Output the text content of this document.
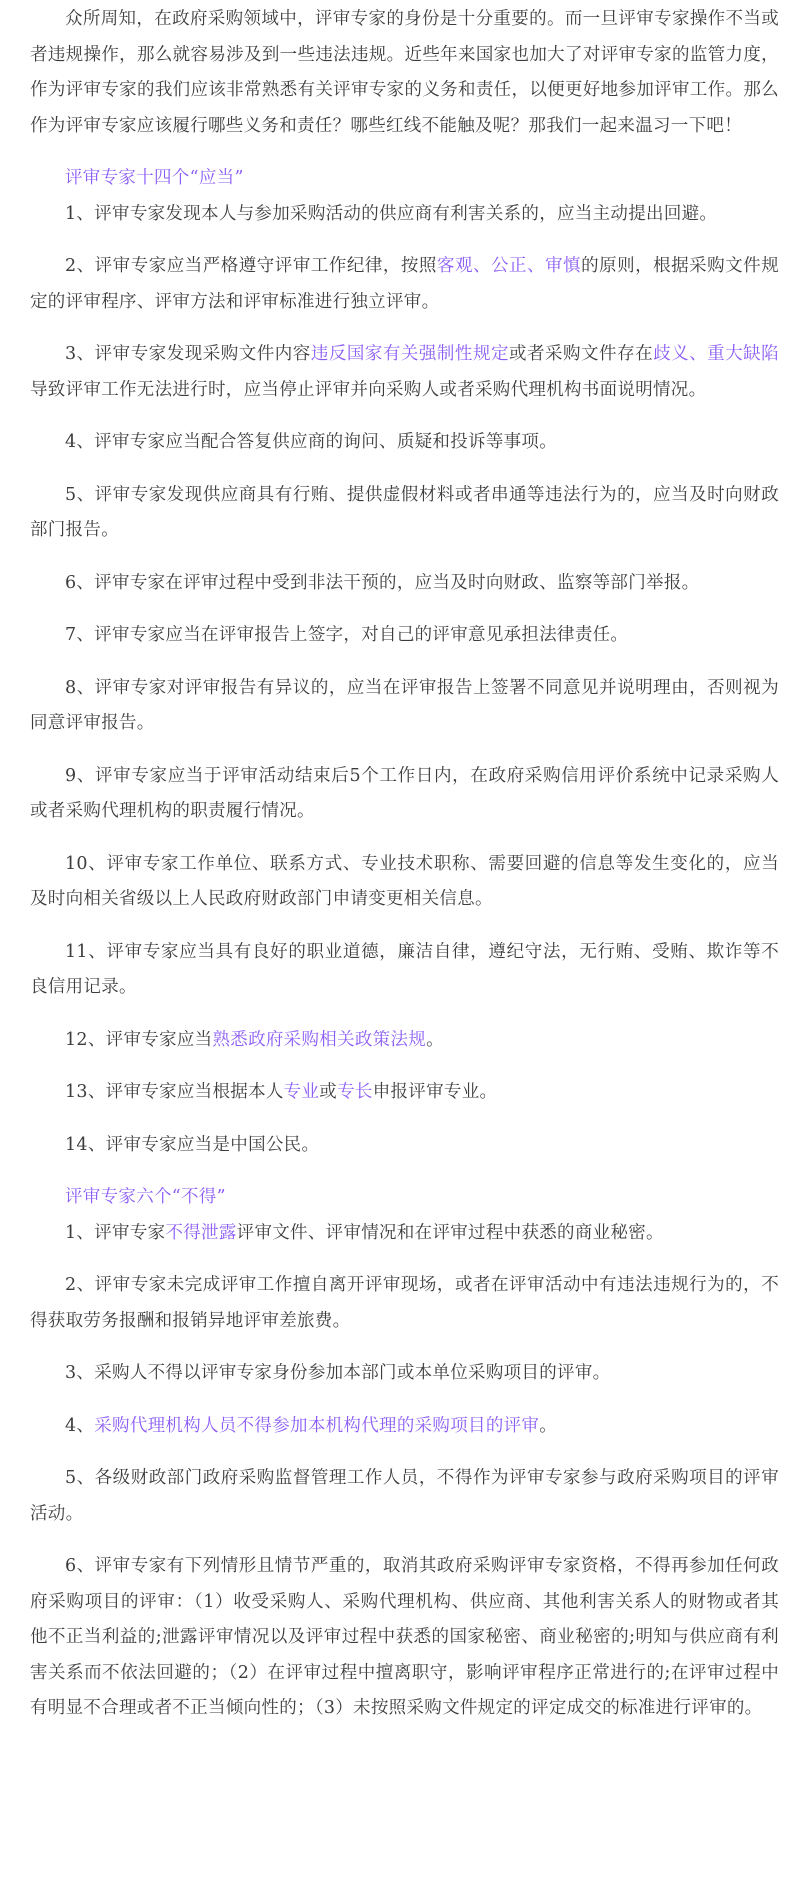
众所周知，在政府采购领域中，评审专家的身份是十分重要的。而一旦评审专家操作不当或者违规操作，那么就容易涉及到一些违法违规。近些年来国家也加大了对评审专家的监管力度，作为评审专家的我们应该非常熟悉有关评审专家的义务和责任，以便更好地参加评审工作。那么作为评审专家应该履行哪些义务和责任？哪些红线不能触及呢？那我们一起来温习一下吧！

评审专家十四个“应当”

1、评审专家发现本人与参加采购活动的供应商有利害关系的，应当主动提出回避。

2、评审专家应当严格遵守评审工作纪律，按照客观、公正、审慎的原则，根据采购文件规定的评审程序、评审方法和评审标准进行独立评审。

3、评审专家发现采购文件内容违反国家有关强制性规定或者采购文件存在歧义、重大缺陷导致评审工作无法进行时，应当停止评审并向采购人或者采购代理机构书面说明情况。

4、评审专家应当配合答复供应商的询问、质疑和投诉等事项。

5、评审专家发现供应商具有行贿、提供虚假材料或者串通等违法行为的，应当及时向财政部门报告。

6、评审专家在评审过程中受到非法干预的，应当及时向财政、监察等部门举报。

7、评审专家应当在评审报告上签字，对自己的评审意见承担法律责任。

8、评审专家对评审报告有异议的，应当在评审报告上签署不同意见并说明理由，否则视为同意评审报告。

9、评审专家应当于评审活动结束后5个工作日内，在政府采购信用评价系统中记录采购人或者采购代理机构的职责履行情况。

10、评审专家工作单位、联系方式、专业技术职称、需要回避的信息等发生变化的，应当及时向相关省级以上人民政府财政部门申请变更相关信息。

11、评审专家应当具有良好的职业道德，廉洁自律，遵纪守法，无行贿、受贿、欺诈等不良信用记录。

12、评审专家应当熟悉政府采购相关政策法规。

13、评审专家应当根据本人专业或专长申报评审专业。

14、评审专家应当是中国公民。

评审专家六个“不得”

1、评审专家不得泄露评审文件、评审情况和在评审过程中获悉的商业秘密。

2、评审专家未完成评审工作擅自离开评审现场，或者在评审活动中有违法违规行为的，不得获取劳务报酬和报销异地评审差旅费。

3、采购人不得以评审专家身份参加本部门或本单位采购项目的评审。

4、采购代理机构人员不得参加本机构代理的采购项目的评审。

5、各级财政部门政府采购监督管理工作人员，不得作为评审专家参与政府采购项目的评审活动。

6、评审专家有下列情形且情节严重的，取消其政府采购评审专家资格，不得再参加任何政府采购项目的评审：（1）收受采购人、采购代理机构、供应商、其他利害关系人的财物或者其他不正当利益的;泄露评审情况以及评审过程中获悉的国家秘密、商业秘密的;明知与供应商有利害关系而不依法回避的；（2）在评审过程中擅离职守，影响评审程序正常进行的;在评审过程中有明显不合理或者不正当倾向性的；（3）未按照采购文件规定的评定成交的标准进行评审的。
